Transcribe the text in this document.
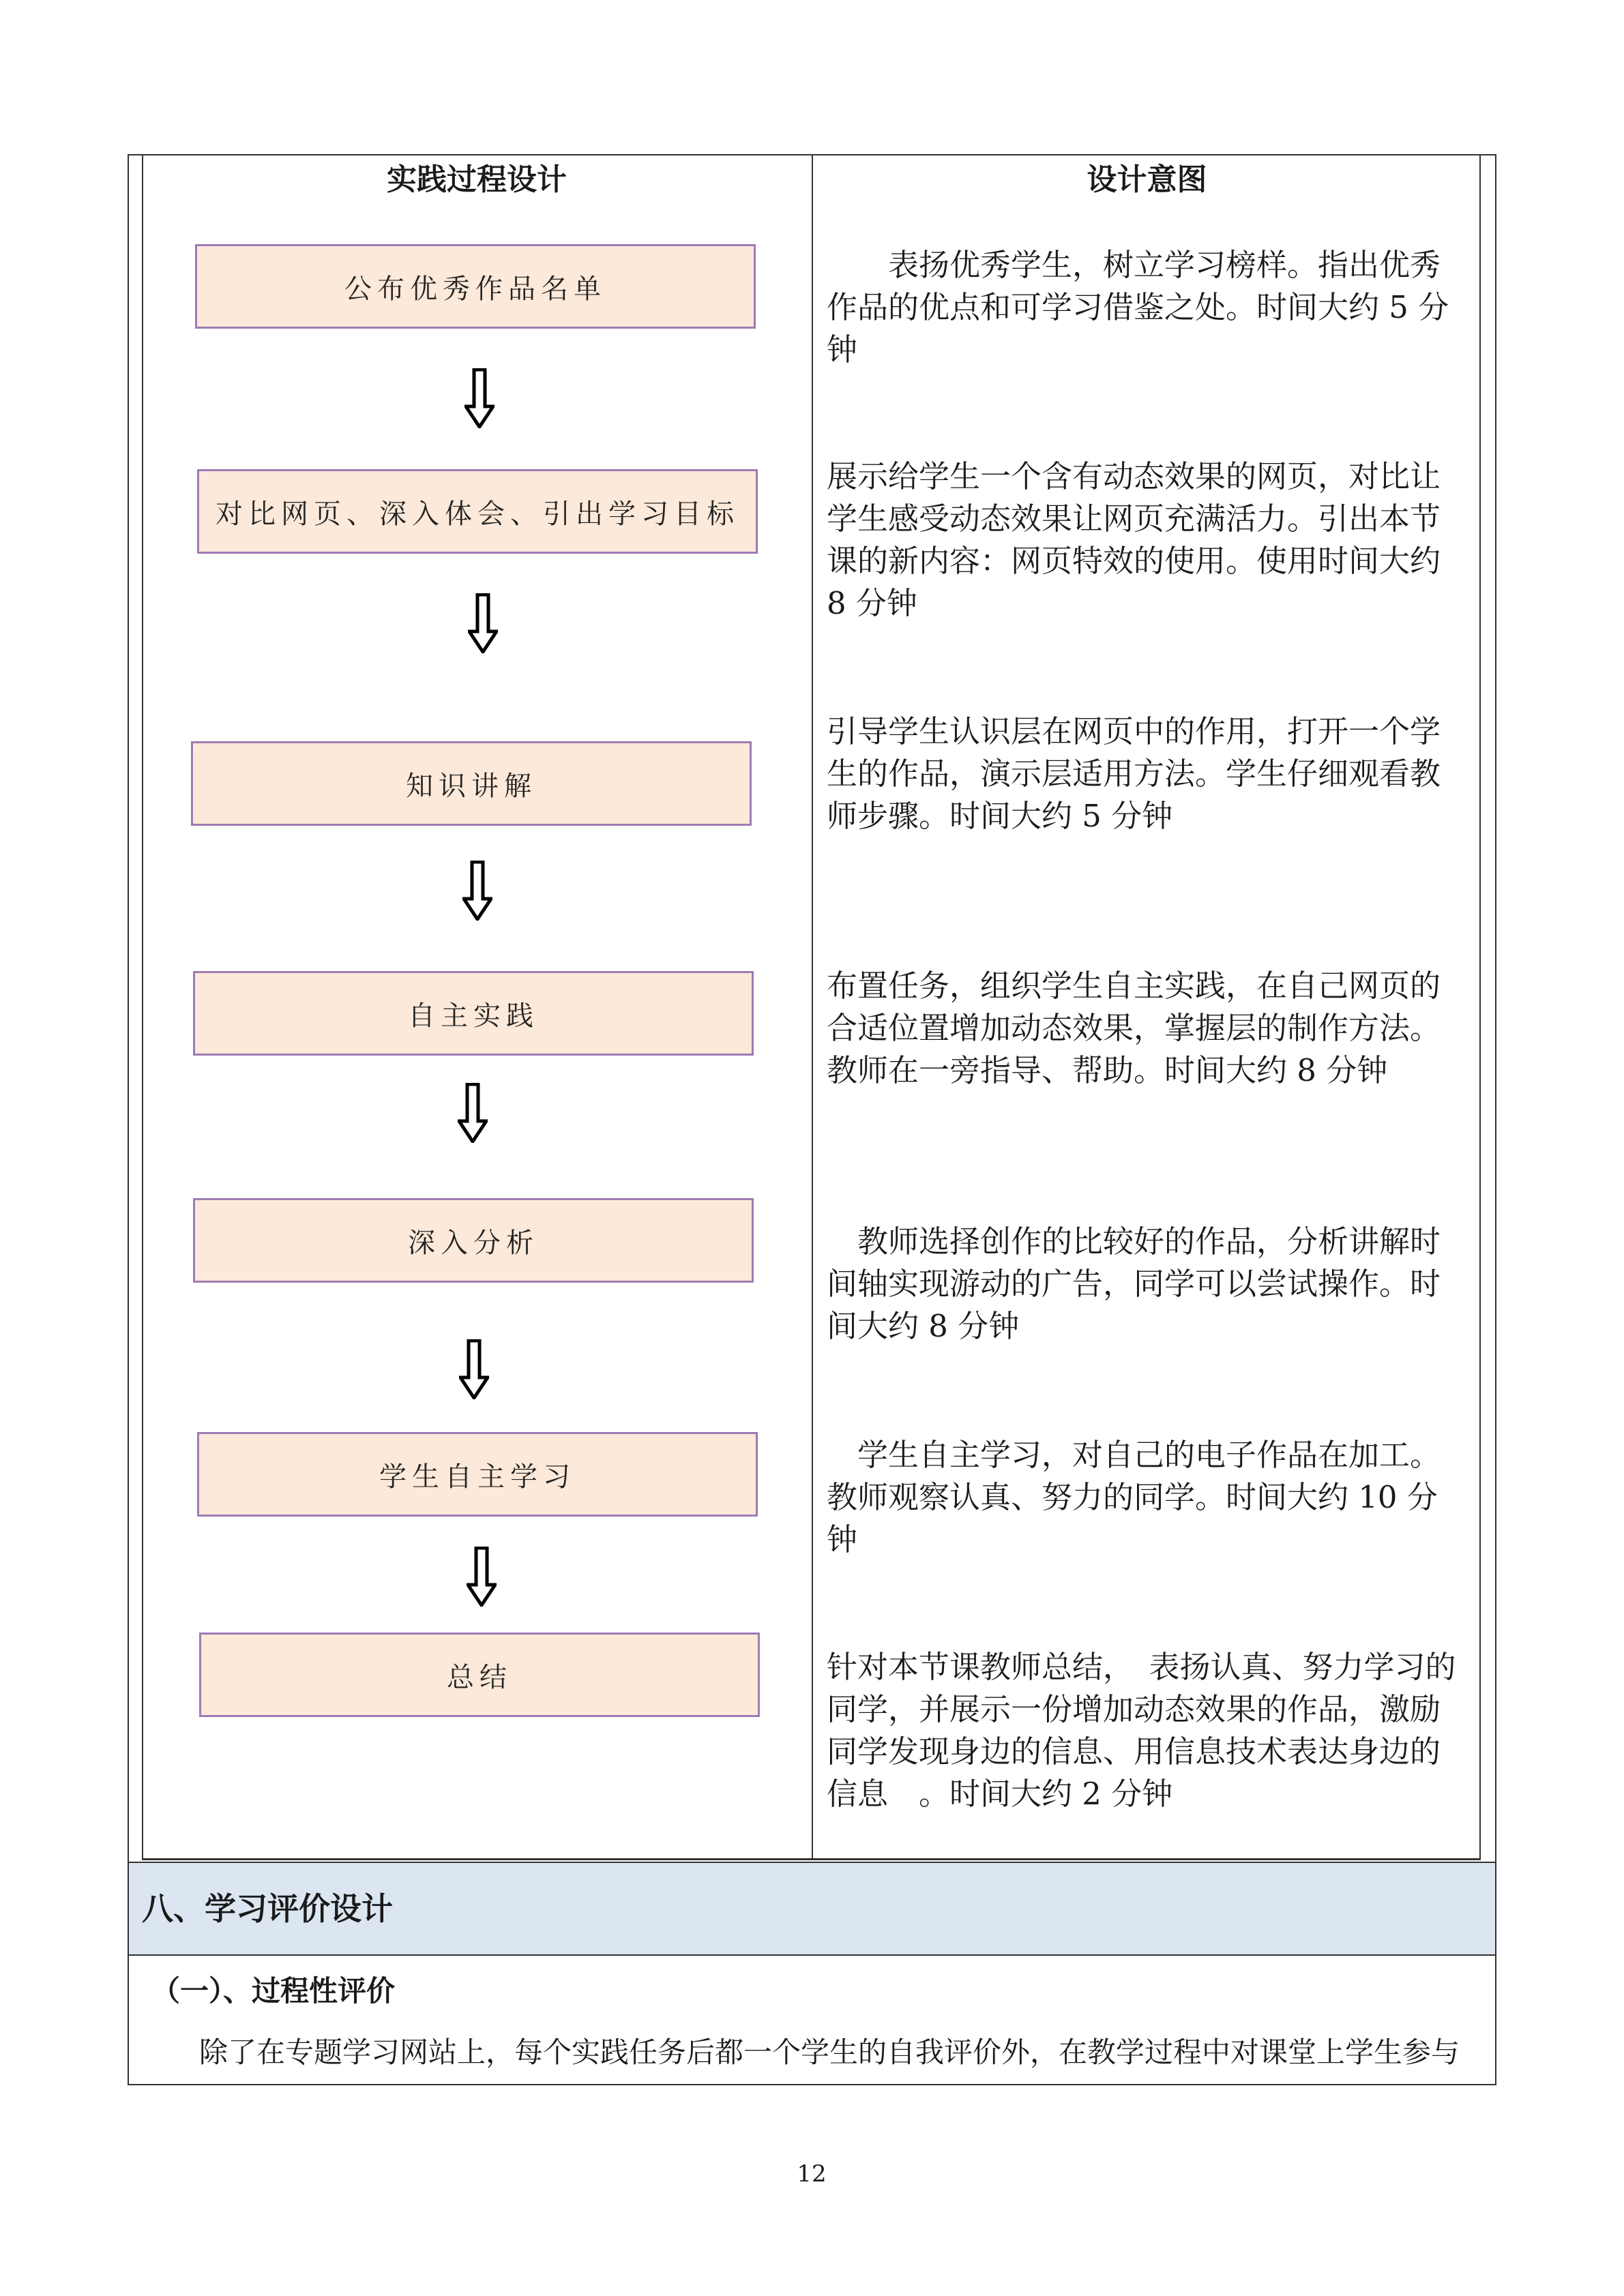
实践过程设计	设计意图
公布优秀作品名单
对比网页、深入体会、引出学习目标
知识讲解
自主实践
深入分析
学生自主学习
总结
　　表扬优秀学生，树立学习榜样。指出优秀作品的优点和可学习借鉴之处。时间大约 5 分钟
展示给学生一个含有动态效果的网页，对比让学生感受动态效果让网页充满活力。引出本节课的新内容：网页特效的使用。使用时间大约 8 分钟
引导学生认识层在网页中的作用，打开一个学生的作品，演示层适用方法。学生仔细观看教师步骤。时间大约 5 分钟
布置任务，组织学生自主实践，在自己网页的合适位置增加动态效果，掌握层的制作方法。教师在一旁指导、帮助。时间大约 8 分钟
　教师选择创作的比较好的作品，分析讲解时间轴实现游动的广告，同学可以尝试操作。时间大约 8 分钟
　学生自主学习，对自己的电子作品在加工。
教师观察认真、努力的同学。时间大约 10 分钟
针对本节课教师总结，　表扬认真、努力学习的同学，并展示一份增加动态效果的作品，激励同学发现身边的信息、用信息技术表达身边的信息　。时间大约 2 分钟
八、学习评价设计
（一）、过程性评价
除了在专题学习网站上，每个实践任务后都一个学生的自我评价外，在教学过程中对课堂上学生参与
12
